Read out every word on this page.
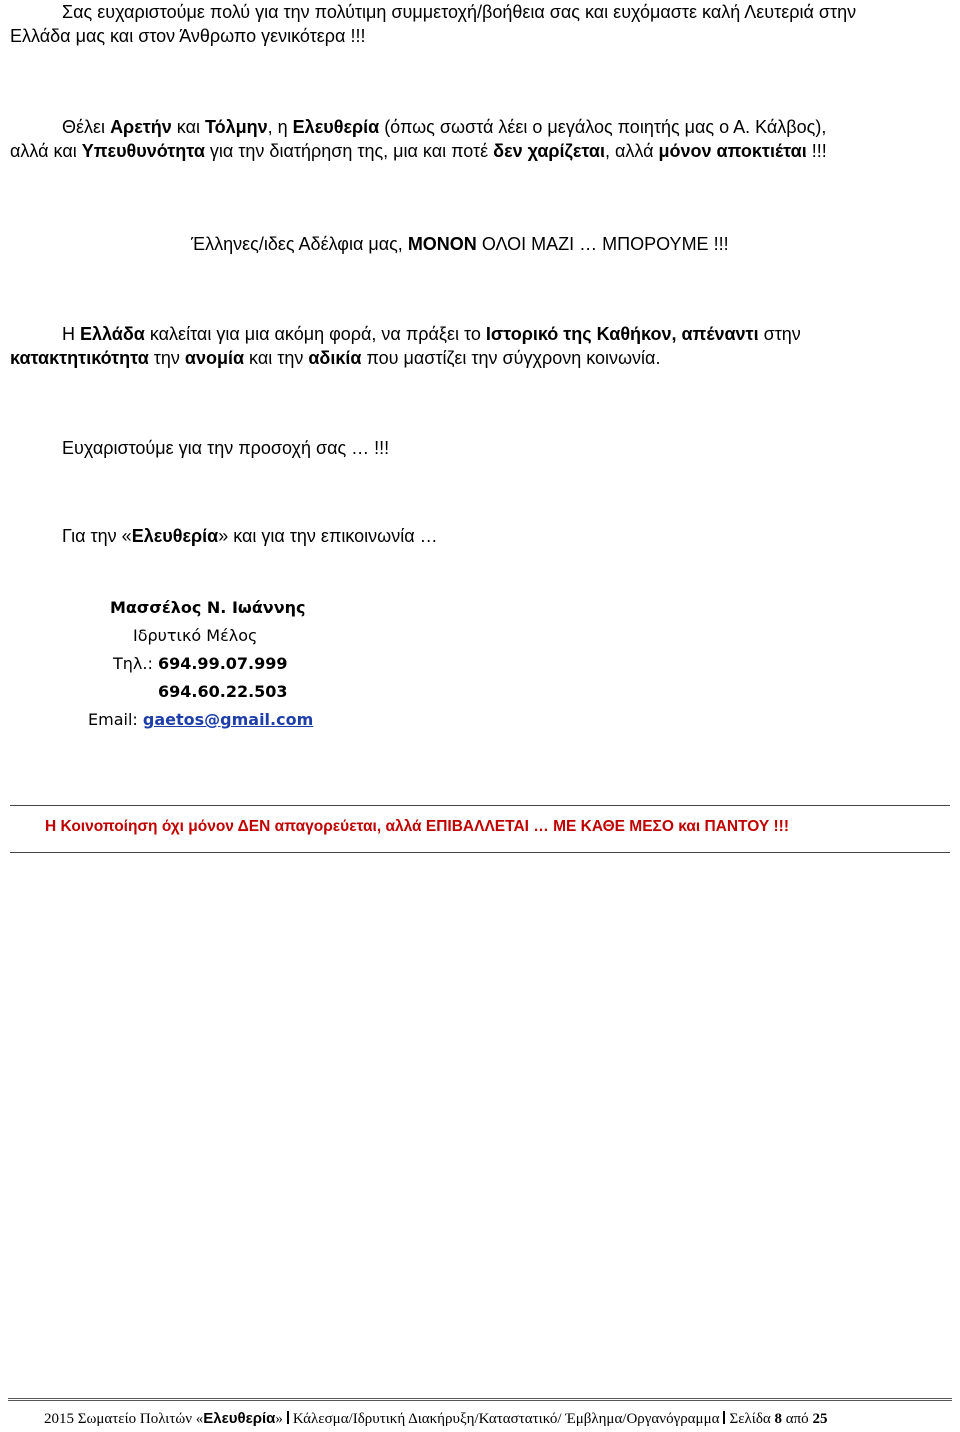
Σας ευχαριστούμε πολύ για την πολύτιμη συμμετοχή/βοήθεια σας και ευχόμαστε καλή Λευτεριά στην
Ελλάδα μας και στον Άνθρωπο γενικότερα !!!
Θέλει Αρετήν και Τόλμην, η Ελευθερία (όπως σωστά λέει ο μεγάλος ποιητής μας ο Α. Κάλβος),
αλλά και Υπευθυνότητα για την διατήρηση της, μια και ποτέ δεν χαρίζεται, αλλά μόνον αποκτιέται !!!
Έλληνες/ιδες Αδέλφια μας, ΜΟΝΟΝ ΟΛΟΙ ΜΑΖΙ … ΜΠΟΡΟΥΜΕ !!!
Η Ελλάδα καλείται για μια ακόμη φορά, να πράξει το Ιστορικό της Καθήκον, απέναντι στην
κατακτητικότητα την ανομία και την αδικία που μαστίζει την σύγχρονη κοινωνία.
Ευχαριστούμε για την προσοχή σας … !!!
Για την «Ελευθερία» και για την επικοινωνία …
Μασσέλος Ν. Ιωάννης
Ιδρυτικό Μέλος
Τηλ.: 694.99.07.999
694.60.22.503
Email: gaetos@gmail.com
Η Κοινοποίηση όχι μόνον ΔΕΝ απαγορεύεται, αλλά ΕΠΙΒΑΛΛΕΤΑΙ … ΜΕ ΚΑΘΕ ΜΕΣΟ και ΠΑΝΤΟΥ !!!
2015 Σωματείο Πολιτών «Ελευθερία» Κάλεσμα/Ιδρυτική Διακήρυξη/Καταστατικό/ Έμβλημα/Οργανόγραμμα Σελίδα 8 από 25
